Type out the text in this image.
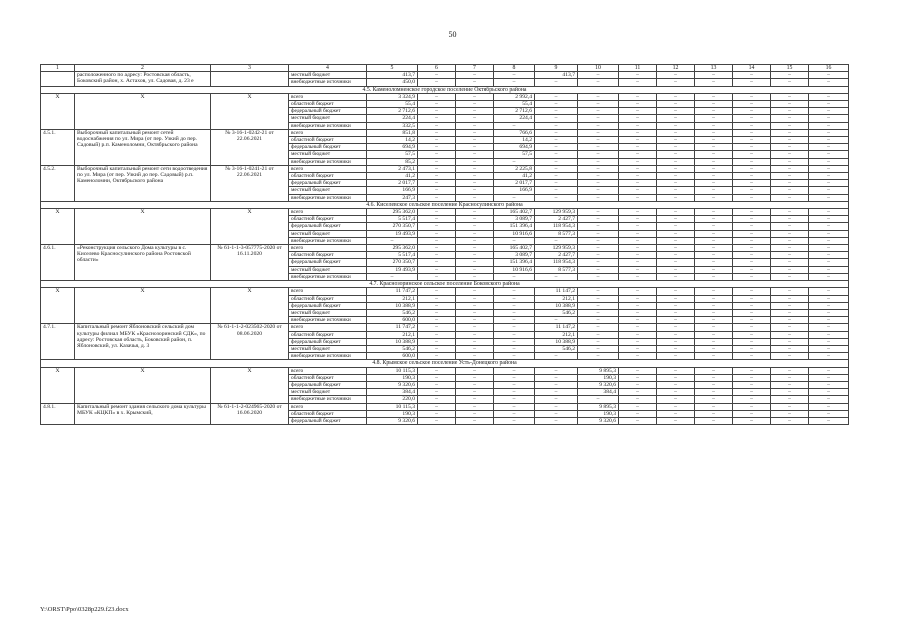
50
1	2	3	4	5	6	7	8	9	10	11	12	13	14	15	16
	расположенного по адресу: Ростовская область, Боковский район, х. Астахов, ул. Садовая, д. 23 е		местный бюджет	413,7	–	–	–	413,7	–	–	–	–	–	–	–
			внебюджетные источники	450,0	–	–	–	–	–	–	–	–	–	–	–
4.5. Каменоломненское городское поселение Октябрьского района															
Х	Х	Х	всего	3 324,9	–	–	2 992,4	–	–	–	–	–	–	–	–
			областной бюджет	55,4	–	–	55,4	–	–	–	–	–	–	–	–
			федеральный бюджет	2 712,6	–	–	2 712,6	–	–	–	–	–	–	–	–
			местный бюджет	224,4	–	–	224,4	–	–	–	–	–	–	–	–
			внебюджетные источники	332,5	–	–	–	–	–	–	–	–	–	–	–
4.5.1.	Выборочный капитальный ремонт сетей водоснабжения по ул. Мира (от пер. Узкий до пер. Садовый) р.п. Каменоломни, Октябрьского района	№ 3-16-1-0242-21 от 22.06.2021	всего	851,8	–	–	766,6	–	–	–	–	–	–	–	–
			областной бюджет	14,2	–	–	14,2	–	–	–	–	–	–	–	–
			федеральный бюджет	694,9	–	–	694,9	–	–	–	–	–	–	–	–
			местный бюджет	57,5	–	–	57,5	–	–	–	–	–	–	–	–
			внебюджетные источники	85,2	–	–	–	–	–	–	–	–	–	–	–
4.5.2.	Выборочный капитальный ремонт сети водоотведения по ул. Мира (от пер. Узкий до пер. Садовый) р.п. Каменоломни, Октябрьского района	№ 3-16-1-0241-21 от 22.06.2021	всего	2 473,1	–	–	2 225,8	–	–	–	–	–	–	–	–
			областной бюджет	41,2	–	–	41,2	–	–	–	–	–	–	–	–
			федеральный бюджет	2 017,7	–	–	2 017,7	–	–	–	–	–	–	–	–
			местный бюджет	166,9	–	–	166,9	–	–	–	–	–	–	–	–
			внебюджетные источники	247,3	–	–	–	–	–	–	–	–	–	–	–
4.6. Киселевское сельское поселение Красносулинского района															
Х	Х	Х	всего	295 362,0	–	–	165 402,7	129 959,3	–	–	–	–	–	–	–
			областной бюджет	5 517,4	–	–	3 089,7	2 427,7	–	–	–	–	–	–	–
			федеральный бюджет	270 350,7	–	–	151 396,4	118 954,3	–	–	–	–	–	–	–
			местный бюджет	19 493,9	–	–	10 916,6	8 577,3	–	–	–	–	–	–	–
			внебюджетные источники	–	–	–	–	–	–	–	–	–	–	–	–
4.6.1.	«Реконструкция сельского Дома культуры в с. Киселево Красносулинского района Ростовской области»	№ 61-1-1-3-057775-2020 от 16.11.2020	всего	295 362,0	–	–	165 402,7	129 959,3	–	–	–	–	–	–	–
			областной бюджет	5 517,4	–	–	3 089,7	2 427,7	–	–	–	–	–	–	–
			федеральный бюджет	270 350,7	–	–	151 396,4	118 954,3	–	–	–	–	–	–	–
			местный бюджет	19 493,9	–	–	10 916,6	8 577,3	–	–	–	–	–	–	–
			внебюджетные источники	–	–	–	–	–	–	–	–	–	–	–	–
4.7. Краснозоринское сельское поселение Боковского района															
Х	Х	Х	всего	11 747,2	–	–	–	11 147,2	–	–	–	–	–	–	–
			областной бюджет	212,1	–	–	–	212,1	–	–	–	–	–	–	–
			федеральный бюджет	10 388,9	–	–	–	10 388,9	–	–	–	–	–	–	–
			местный бюджет	546,2	–	–	–	546,2	–	–	–	–	–	–	–
			внебюджетные источники	600,0	–	–	–	–	–	–	–	–	–	–	–
4.7.1.	Капитальный ремонт Яблоновский сельский дом культуры филиал МБУК «Краснозоринский СДК», по адресу: Ростовская область, Боковский район, п. Яблоновский, ул. Казачья, д. 3	№ 61-1-1-2-023502-2020 от 08.06.2020	всего	11 747,2	–	–	–	11 147,2	–	–	–	–	–	–	–
			областной бюджет	212,1	–	–	–	212,1	–	–	–	–	–	–	–
			федеральный бюджет	10 388,9	–	–	–	10 388,9	–	–	–	–	–	–	–
			местный бюджет	546,2	–	–	–	546,2	–	–	–	–	–	–	–
			внебюджетные источники	600,0	–	–	–	–	–	–	–	–	–	–	–
4.8. Крымское сельское поселение Усть-Донецкого района															
Х	Х	Х	всего	10 115,3	–	–	–	–	9 895,3	–	–	–	–	–	–
			областной бюджет	190,3	–	–	–	–	190,3	–	–	–	–	–	–
			федеральный бюджет	9 320,6	–	–	–	–	9 320,6	–	–	–	–	–	–
			местный бюджет	384,4	–	–	–	–	384,4	–	–	–	–	–	–
			внебюджетные источники	220,0	–	–	–	–	–	–	–	–	–	–	–
4.8.1.	Капитальный ремонт здания сельского дома культуры МБУК «КЦКП» в х. Крымский,	№ 61-1-1-2-024965-2020 от 16.06.2020	всего	10 115,3	–	–	–	–	9 895,3	–	–	–	–	–	–
			областной бюджет	190,3	–	–	–	–	190,3	–	–	–	–	–	–
			федеральный бюджет	9 320,6	–	–	–	–	9 320,6	–	–	–	–	–	–
Y:\ORST\Ppo\0328p229.f23.docx
